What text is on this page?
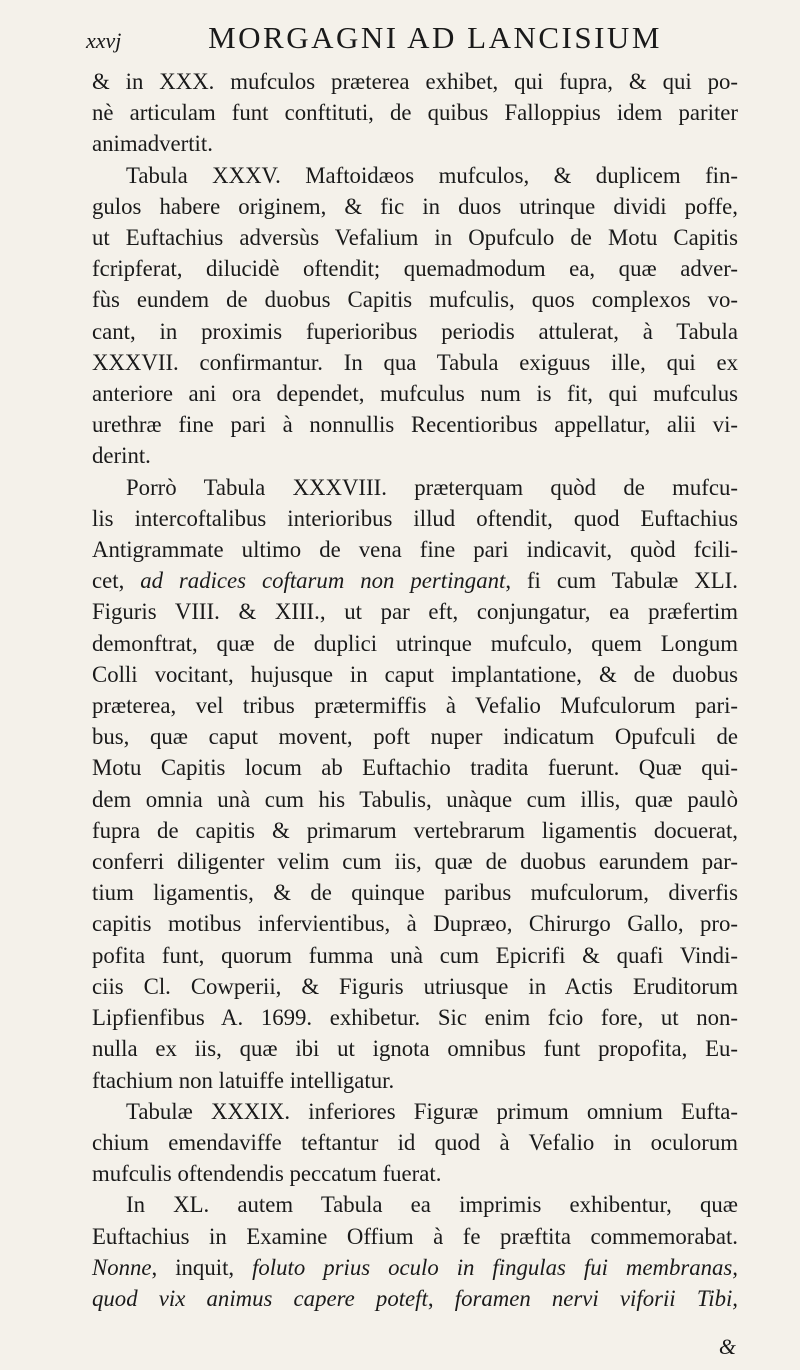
xxvj	MORGAGNI AD LANCISIUM
& in XXX. mufculos præterea exhibet, qui fupra, & qui po-
nè articulam funt conftituti, de quibus Falloppius idem pariter
animadvertit.
Tabula XXXV. Maftoidæos mufculos, & duplicem fin-
gulos habere originem, & fic in duos utrinque dividi poffe,
ut Euftachius adversùs Vefalium in Opufculo de Motu Capitis
fcripferat, dilucidè oftendit; quemadmodum ea, quæ adver-
fùs eundem de duobus Capitis mufculis, quos complexos vo-
cant, in proximis fuperioribus periodis attulerat, à Tabula
XXXVII. confirmantur. In qua Tabula exiguus ille, qui ex
anteriore ani ora dependet, mufculus num is fit, qui mufculus
urethræ fine pari à nonnullis Recentioribus appellatur, alii vi-
derint.
Porrò Tabula XXXVIII. præterquam quòd de mufcu-
lis intercoftalibus interioribus illud oftendit, quod Euftachius
Antigrammate ultimo de vena fine pari indicavit, quòd fcili-
cet, ad radices coftarum non pertingant, fi cum Tabulæ XLI.
Figuris VIII. & XIII., ut par eft, conjungatur, ea præfertim
demonftrat, quæ de duplici utrinque mufculo, quem Longum
Colli vocitant, hujusque in caput implantatione, & de duobus
præterea, vel tribus prætermiffis à Vefalio Mufculorum pari-
bus, quæ caput movent, poft nuper indicatum Opufculi de
Motu Capitis locum ab Euftachio tradita fuerunt. Quæ qui-
dem omnia unà cum his Tabulis, unàque cum illis, quæ paulò
fupra de capitis & primarum vertebrarum ligamentis docuerat,
conferri diligenter velim cum iis, quæ de duobus earundem par-
tium ligamentis, & de quinque paribus mufculorum, diverfis
capitis motibus infervientibus, à Dupræo, Chirurgo Gallo, pro-
pofita funt, quorum fumma unà cum Epicrifi & quafi Vindi-
ciis Cl. Cowperii, & Figuris utriusque in Actis Eruditorum
Lipfienfibus A. 1699. exhibetur. Sic enim fcio fore, ut non-
nulla ex iis, quæ ibi ut ignota omnibus funt propofita, Eu-
ftachium non latuiffe intelligatur.
Tabulæ XXXIX. inferiores Figuræ primum omnium Eufta-
chium emendaviffe teftantur id quod à Vefalio in oculorum
mufculis oftendendis peccatum fuerat.
In XL. autem Tabula ea imprimis exhibentur, quæ
Euftachius in Examine Offium à fe præftita commemorabat.
Nonne, inquit, foluto prius oculo in fingulas fui membranas,
quod vix animus capere poteft, foramen nervi viforii Tibi,
&
